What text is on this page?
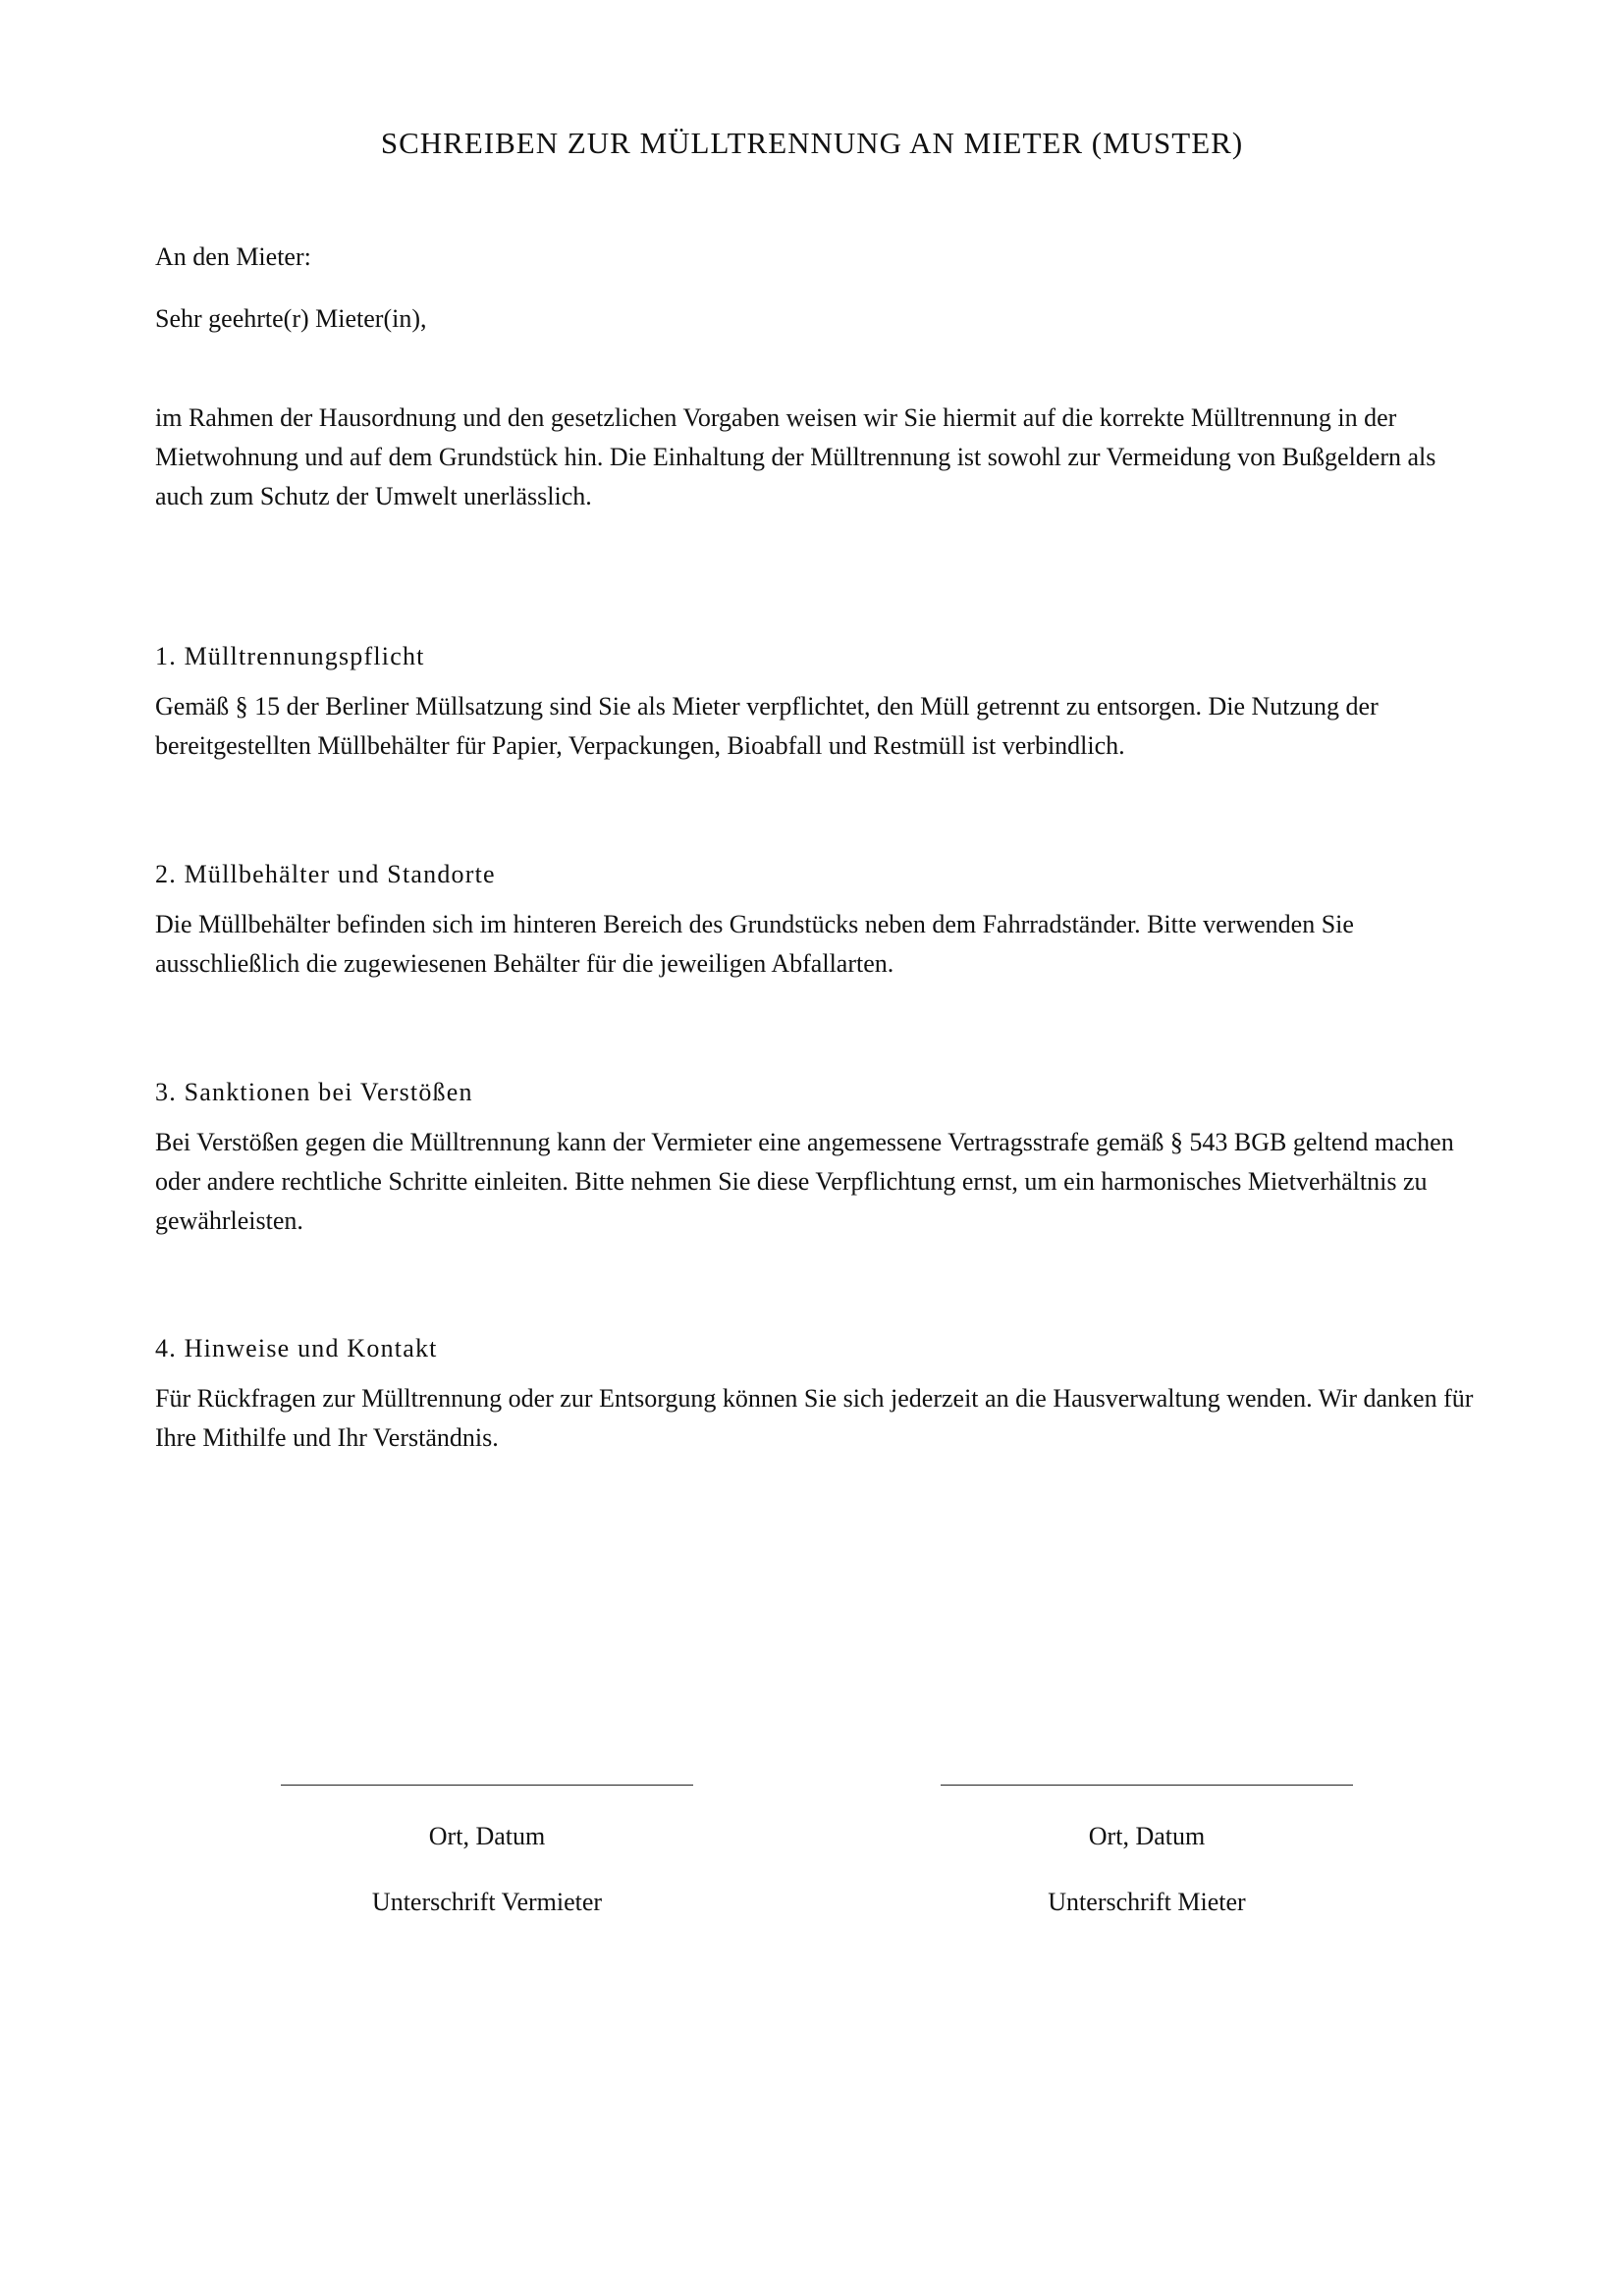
SCHREIBEN ZUR MÜLLTRENNUNG AN MIETER (MUSTER)

An den Mieter:

Sehr geehrte(r) Mieter(in),

im Rahmen der Hausordnung und den gesetzlichen Vorgaben weisen wir Sie hiermit auf die korrekte Mülltrennung in der Mietwohnung und auf dem Grundstück hin. Die Einhaltung der Mülltrennung ist sowohl zur Vermeidung von Bußgeldern als auch zum Schutz der Umwelt unerlässlich.

1. Mülltrennungspflicht

Gemäß § 15 der Berliner Müllsatzung sind Sie als Mieter verpflichtet, den Müll getrennt zu entsorgen. Die Nutzung der bereitgestellten Müllbehälter für Papier, Verpackungen, Bioabfall und Restmüll ist verbindlich.

2. Müllbehälter und Standorte

Die Müllbehälter befinden sich im hinteren Bereich des Grundstücks neben dem Fahrradständer. Bitte verwenden Sie ausschließlich die zugewiesenen Behälter für die jeweiligen Abfallarten.

3. Sanktionen bei Verstößen

Bei Verstößen gegen die Mülltrennung kann der Vermieter eine angemessene Vertragsstrafe gemäß § 543 BGB geltend machen oder andere rechtliche Schritte einleiten. Bitte nehmen Sie diese Verpflichtung ernst, um ein harmonisches Mietverhältnis zu gewährleisten.

4. Hinweise und Kontakt

Für Rückfragen zur Mülltrennung oder zur Entsorgung können Sie sich jederzeit an die Hausverwaltung wenden. Wir danken für Ihre Mithilfe und Ihr Verständnis.

Ort, Datum
Unterschrift Vermieter
Ort, Datum
Unterschrift Mieter
